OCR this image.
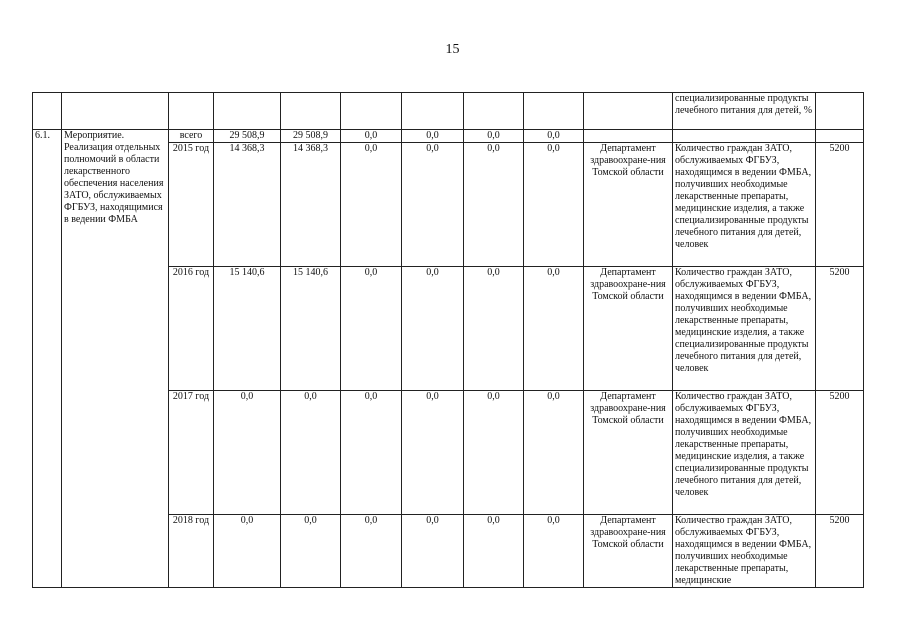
15
										специализированные продукты лечебного питания для детей, %	
6.1.	Мероприятие. Реализация отдельных полномочий в области лекарственного обеспечения населения ЗАТО, обслуживаемых ФГБУЗ, находящимися в ведении ФМБА	всего	29 508,9	29 508,9	0,0	0,0	0,0	0,0			
		2015 год	14 368,3	14 368,3	0,0	0,0	0,0	0,0	Департамент здравоохране-ния Томской области	Количество граждан ЗАТО, обслуживаемых ФГБУЗ, находящимся в ведении ФМБА, получивших необходимые лекарственные препараты, медицинские изделия, а также специализированные продукты лечебного питания для детей, человек	5200
		2016 год	15 140,6	15 140,6	0,0	0,0	0,0	0,0	Департамент здравоохране-ния Томской области	Количество граждан ЗАТО, обслуживаемых ФГБУЗ, находящимся в ведении ФМБА, получивших необходимые лекарственные препараты, медицинские изделия, а также специализированные продукты лечебного питания для детей, человек	5200
		2017 год	0,0	0,0	0,0	0,0	0,0	0,0	Департамент здравоохране-ния Томской области	Количество граждан ЗАТО, обслуживаемых ФГБУЗ, находящимся в ведении ФМБА, получивших необходимые лекарственные препараты, медицинские изделия, а также специализированные продукты лечебного питания для детей, человек	5200
		2018 год	0,0	0,0	0,0	0,0	0,0	0,0	Департамент здравоохране-ния Томской области	Количество граждан ЗАТО, обслуживаемых ФГБУЗ, находящимся в ведении ФМБА, получивших необходимые лекарственные препараты, медицинские	5200
